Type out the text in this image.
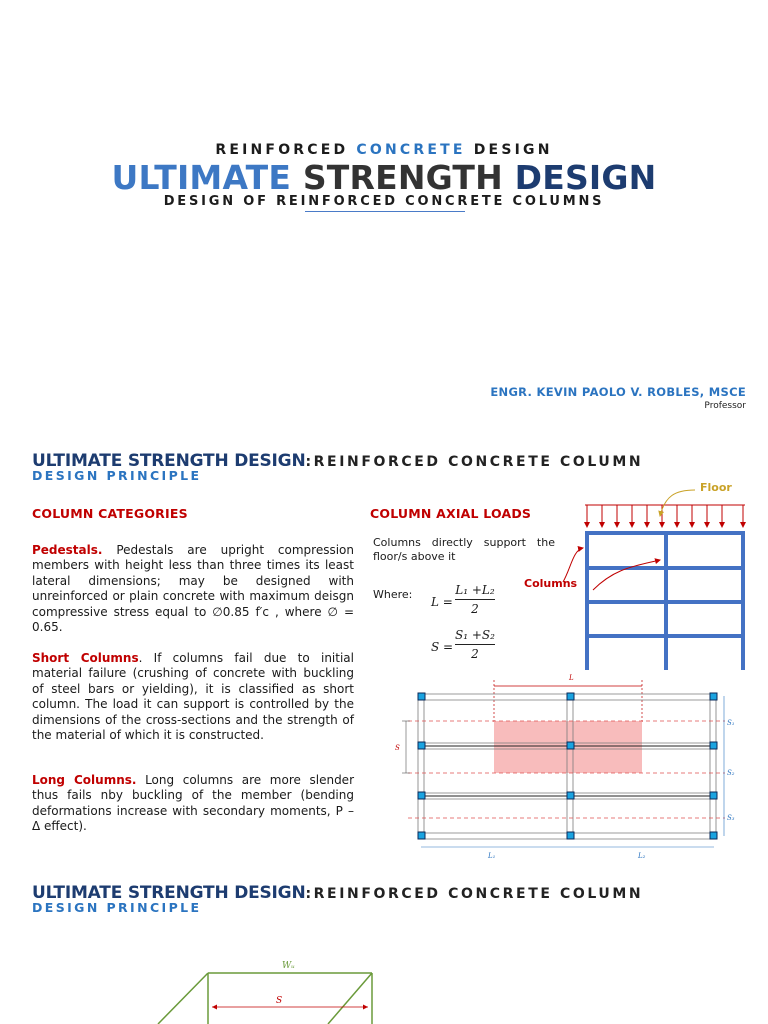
REINFORCED CONCRETE DESIGN
ULTIMATE STRENGTH DESIGN
DESIGN OF REINFORCED CONCRETE COLUMNS
ENGR. KEVIN PAOLO V. ROBLES, MSCE
Professor
ULTIMATE STRENGTH DESIGN:REINFORCED CONCRETE COLUMN
DESIGN PRINCIPLE
COLUMN CATEGORIES
Pedestals. Pedestals are upright compression members with height less than three times its least lateral dimensions; may be designed with unreinforced or plain concrete with maximum deisgn compressive stress equal to ∅0.85 f′c , where ∅ = 0.65.
Short Columns. If columns fail due to initial material failure (crushing of concrete with buckling of steel bars or yielding), it is classified as short column. The load it can support is controlled by the dimensions of the cross-sections and the strength of the material of which it is constructed.
Long Columns. Long columns are more slender thus fails nby buckling of the member (bending deformations increase with secondary moments, P – Δ effect).
COLUMN AXIAL LOADS
Columns directly support the floor/s above it
Where:
L =
L₁ +L₂
2
S =
S₁ +S₂
2
Floor
Columns
L
S
L₁	L₂
S₁
S₂
S₃
ULTIMATE STRENGTH DESIGN:REINFORCED CONCRETE COLUMN
DESIGN PRINCIPLE
Wᵤ
S
